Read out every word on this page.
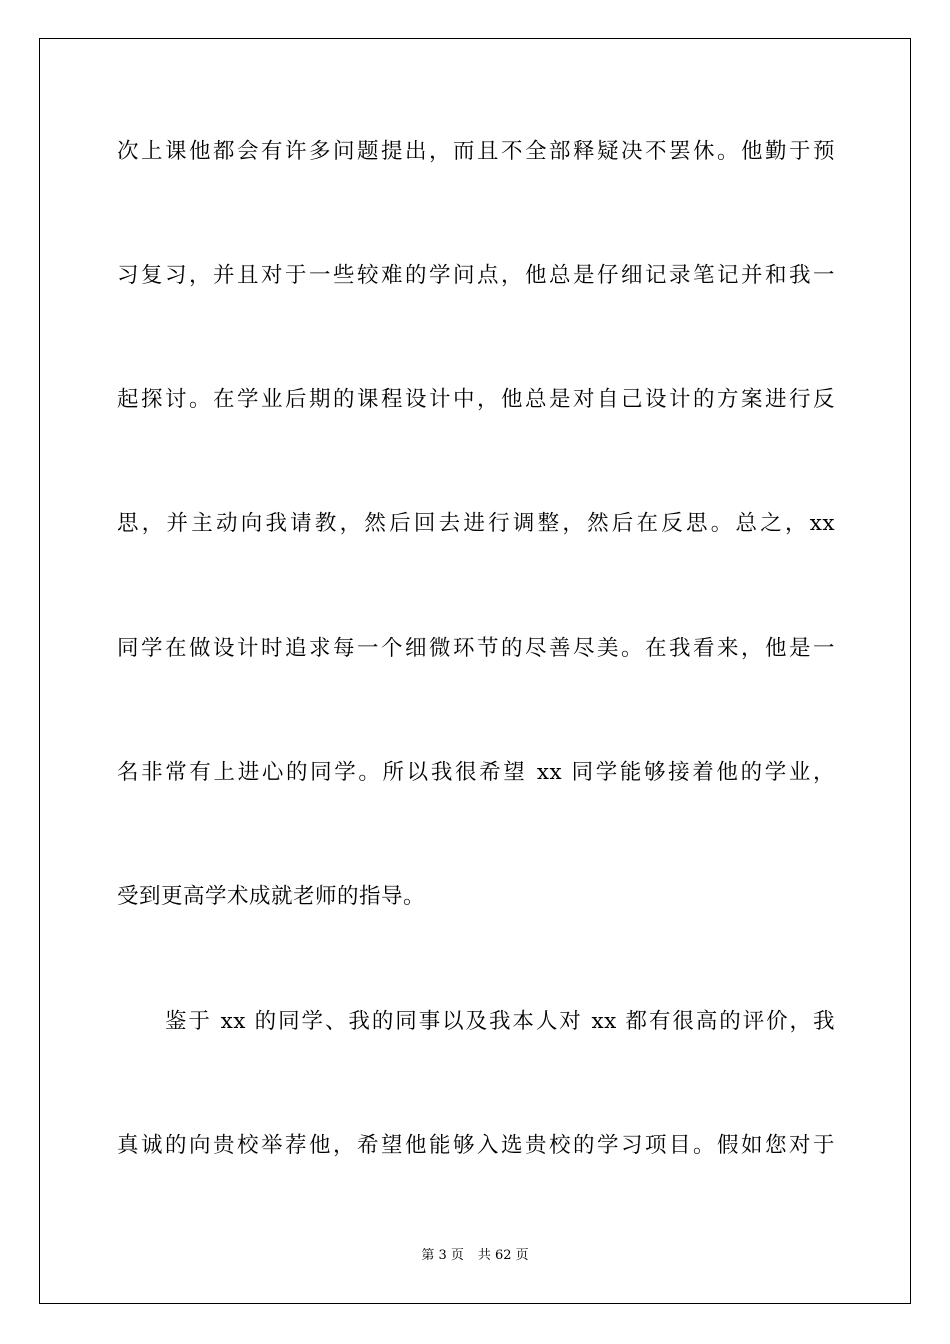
次上课他都会有许多问题提出，而且不全部释疑决不罢休。他勤于预
习复习，并且对于一些较难的学问点，他总是仔细记录笔记并和我一
起探讨。在学业后期的课程设计中，他总是对自己设计的方案进行反
思，并主动向我请教，然后回去进行调整，然后在反思。总之，xx
同学在做设计时追求每一个细微环节的尽善尽美。在我看来，他是一
名非常有上进心的同学。所以我很希望 xx 同学能够接着他的学业，
受到更高学术成就老师的指导。
鉴于 xx 的同学、我的同事以及我本人对 xx 都有很高的评价，我
真诚的向贵校举荐他，希望他能够入选贵校的学习项目。假如您对于
第 3 页 共 62 页
